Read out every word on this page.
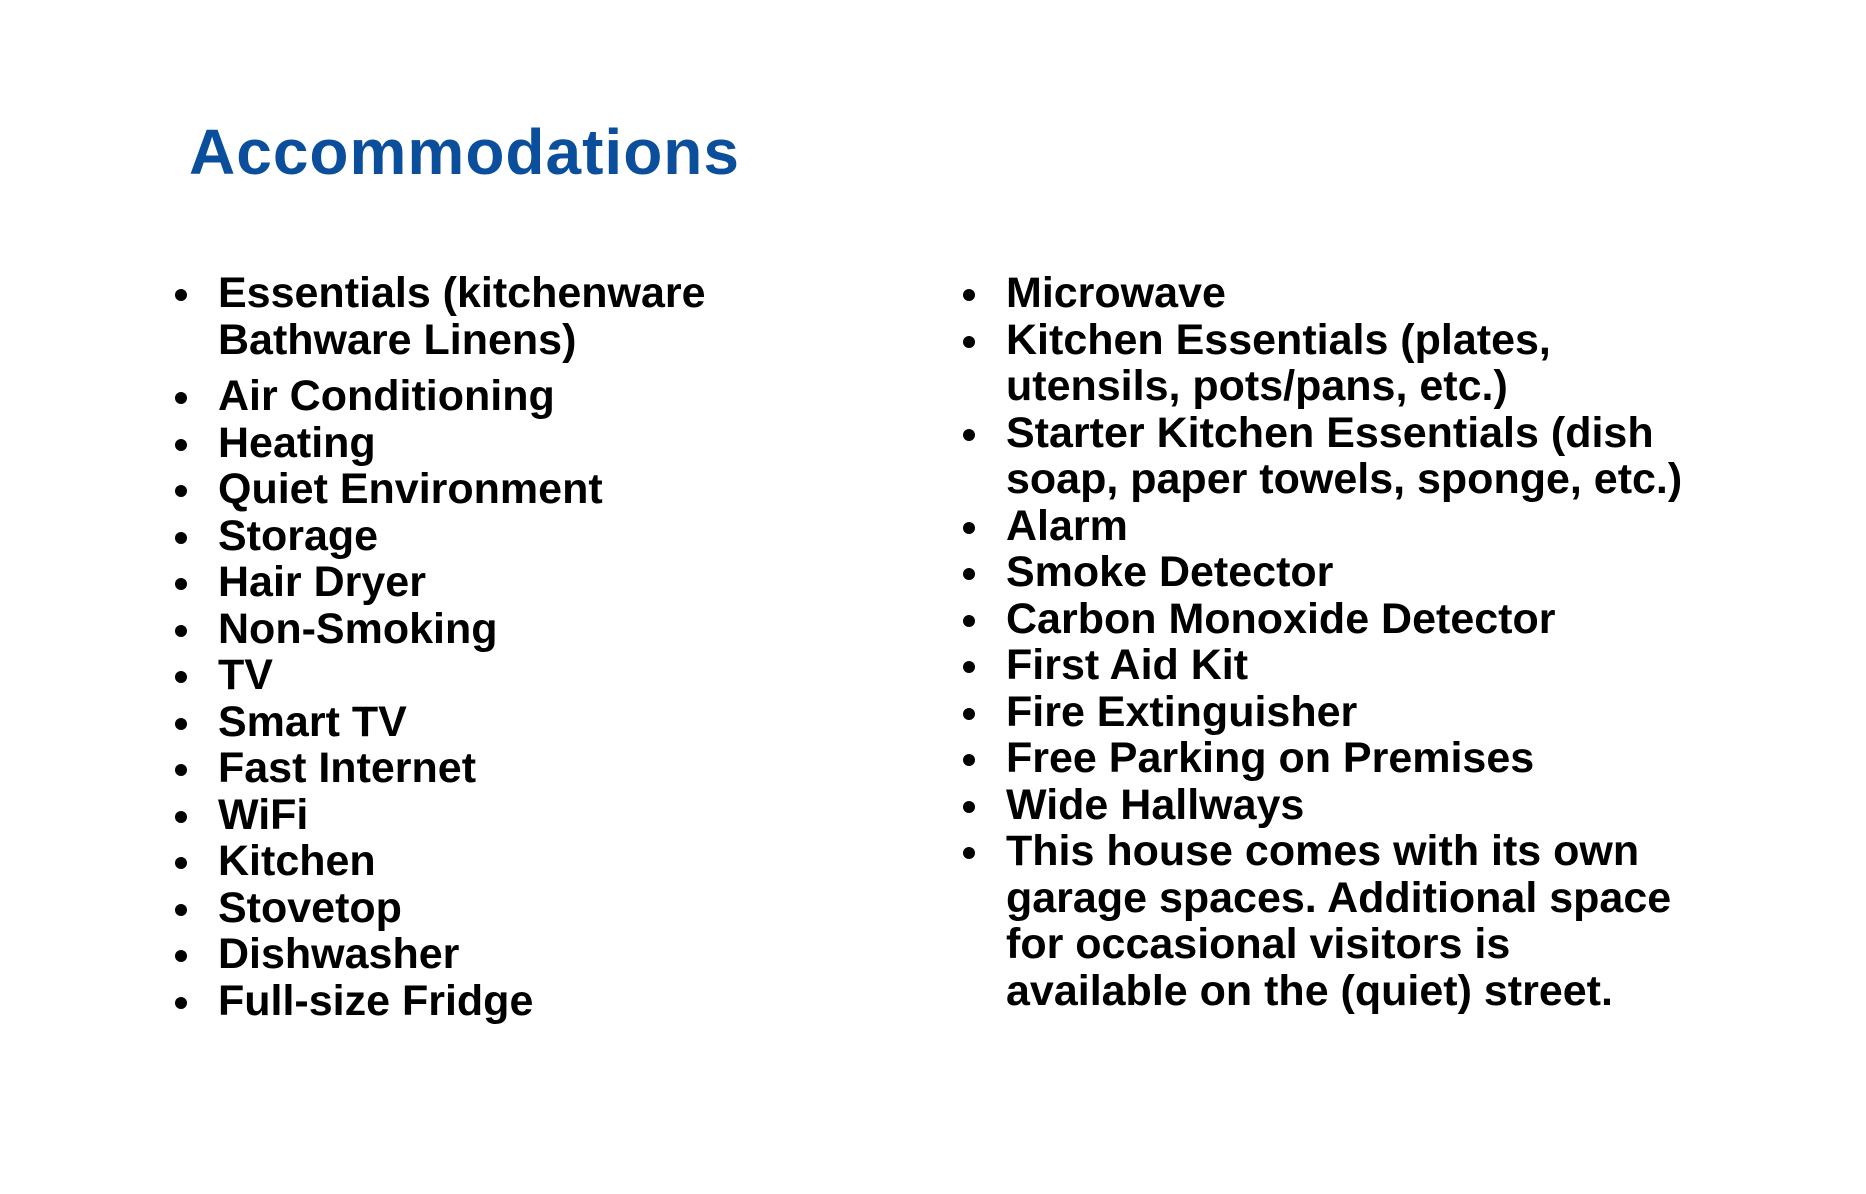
Accommodations
Essentials (kitchenware
Bathware Linens)
Air Conditioning
Heating
Quiet Environment
Storage
Hair Dryer
Non-Smoking
TV
Smart TV
Fast Internet
WiFi
Kitchen
Stovetop
Dishwasher
Full-size Fridge
Microwave
Kitchen Essentials (plates,
utensils, pots/pans, etc.)
Starter Kitchen Essentials (dish
soap, paper towels, sponge, etc.)
Alarm
Smoke Detector
Carbon Monoxide Detector
First Aid Kit
Fire Extinguisher
Free Parking on Premises
Wide Hallways
This house comes with its own
garage spaces. Additional space
for occasional visitors is
available on the (quiet) street.
